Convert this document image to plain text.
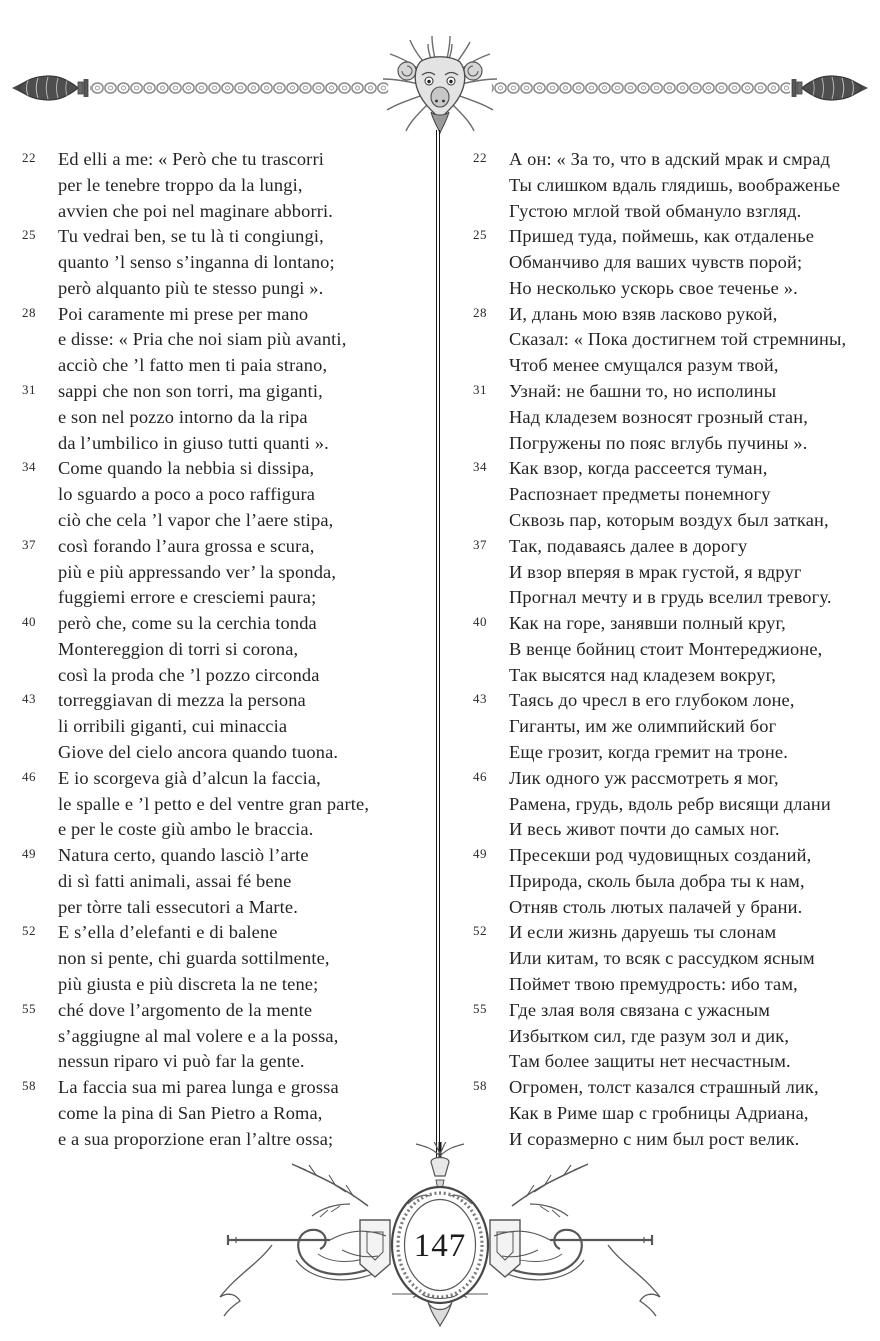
22	Ed elli a me: « Però che tu trascorri
per le tenebre troppo da la lungi,
avvien che poi nel maginare abborri.
25	Tu vedrai ben, se tu là ti congiungi,
quanto ’l senso s’inganna di lontano;
però alquanto più te stesso pungi ».
28	Poi caramente mi prese per mano
e disse: « Pria che noi siam più avanti,
acciò che ’l fatto men ti paia strano,
31	sappi che non son torri, ma giganti,
e son nel pozzo intorno da la ripa
da l’umbilico in giuso tutti quanti ».
34	Come quando la nebbia si dissipa,
lo sguardo a poco a poco raffigura
ciò che cela ’l vapor che l’aere stipa,
37	così forando l’aura grossa e scura,
più e più appressando ver’ la sponda,
fuggiemi errore e cresciemi paura;
40	però che, come su la cerchia tonda
Montereggion di torri si corona,
così la proda che ’l pozzo circonda
43	torreggiavan di mezza la persona
li orribili giganti, cui minaccia
Giove del cielo ancora quando tuona.
46	E io scorgeva già d’alcun la faccia,
le spalle e ’l petto e del ventre gran parte,
e per le coste giù ambo le braccia.
49	Natura certo, quando lasciò l’arte
di sì fatti animali, assai fé bene
per tòrre tali essecutori a Marte.
52	E s’ella d’elefanti e di balene
non si pente, chi guarda sottilmente,
più giusta e più discreta la ne tene;
55	ché dove l’argomento de la mente
s’aggiugne al mal volere e a la possa,
nessun riparo vi può far la gente.
58	La faccia sua mi parea lunga e grossa
come la pina di San Pietro a Roma,
e a sua proporzione eran l’altre ossa;
22	А он: « За то, что в адский мрак и смрад
Ты слишком вдаль глядишь, воображенье
Густою мглой твой обмануло взгляд.
25	Пришед туда, поймешь, как отдаленье
Обманчиво для ваших чувств порой;
Но несколько ускорь свое теченье ».
28	И, длань мою взяв ласково рукой,
Сказал: « Пока достигнем той стремнины,
Чтоб менее смущался разум твой,
31	Узнай: не башни то, но исполины
Над кладезем возносят грозный стан,
Погружены по пояс вглубь пучины ».
34	Как взор, когда рассеется туман,
Распознает предметы понемногу
Сквозь пар, которым воздух был заткан,
37	Так, подаваясь далее в дорогу
И взор вперяя в мрак густой, я вдруг
Прогнал мечту и в грудь вселил тревогу.
40	Как на горе, занявши полный круг,
В венце бойниц стоит Монтереджионе,
Так высятся над кладезем вокруг,
43	Таясь до чресл в его глубоком лоне,
Гиганты, им же олимпийский бог
Еще грозит, когда гремит на троне.
46	Лик одного уж рассмотреть я мог,
Рамена, грудь, вдоль ребр висящи длани
И весь живот почти до самых ног.
49	Пресекши род чудовищных созданий,
Природа, сколь была добра ты к нам,
Отняв столь лютых палачей у брани.
52	И если жизнь даруешь ты слонам
Или китам, то всяк с рассудком ясным
Поймет твою премудрость: ибо там,
55	Где злая воля связана с ужасным
Избытком сил, где разум зол и дик,
Там более защиты нет несчастным.
58	Огромен, толст казался страшный лик,
Как в Риме шар с гробницы Адриана,
И соразмерно с ним был рост велик.
147
